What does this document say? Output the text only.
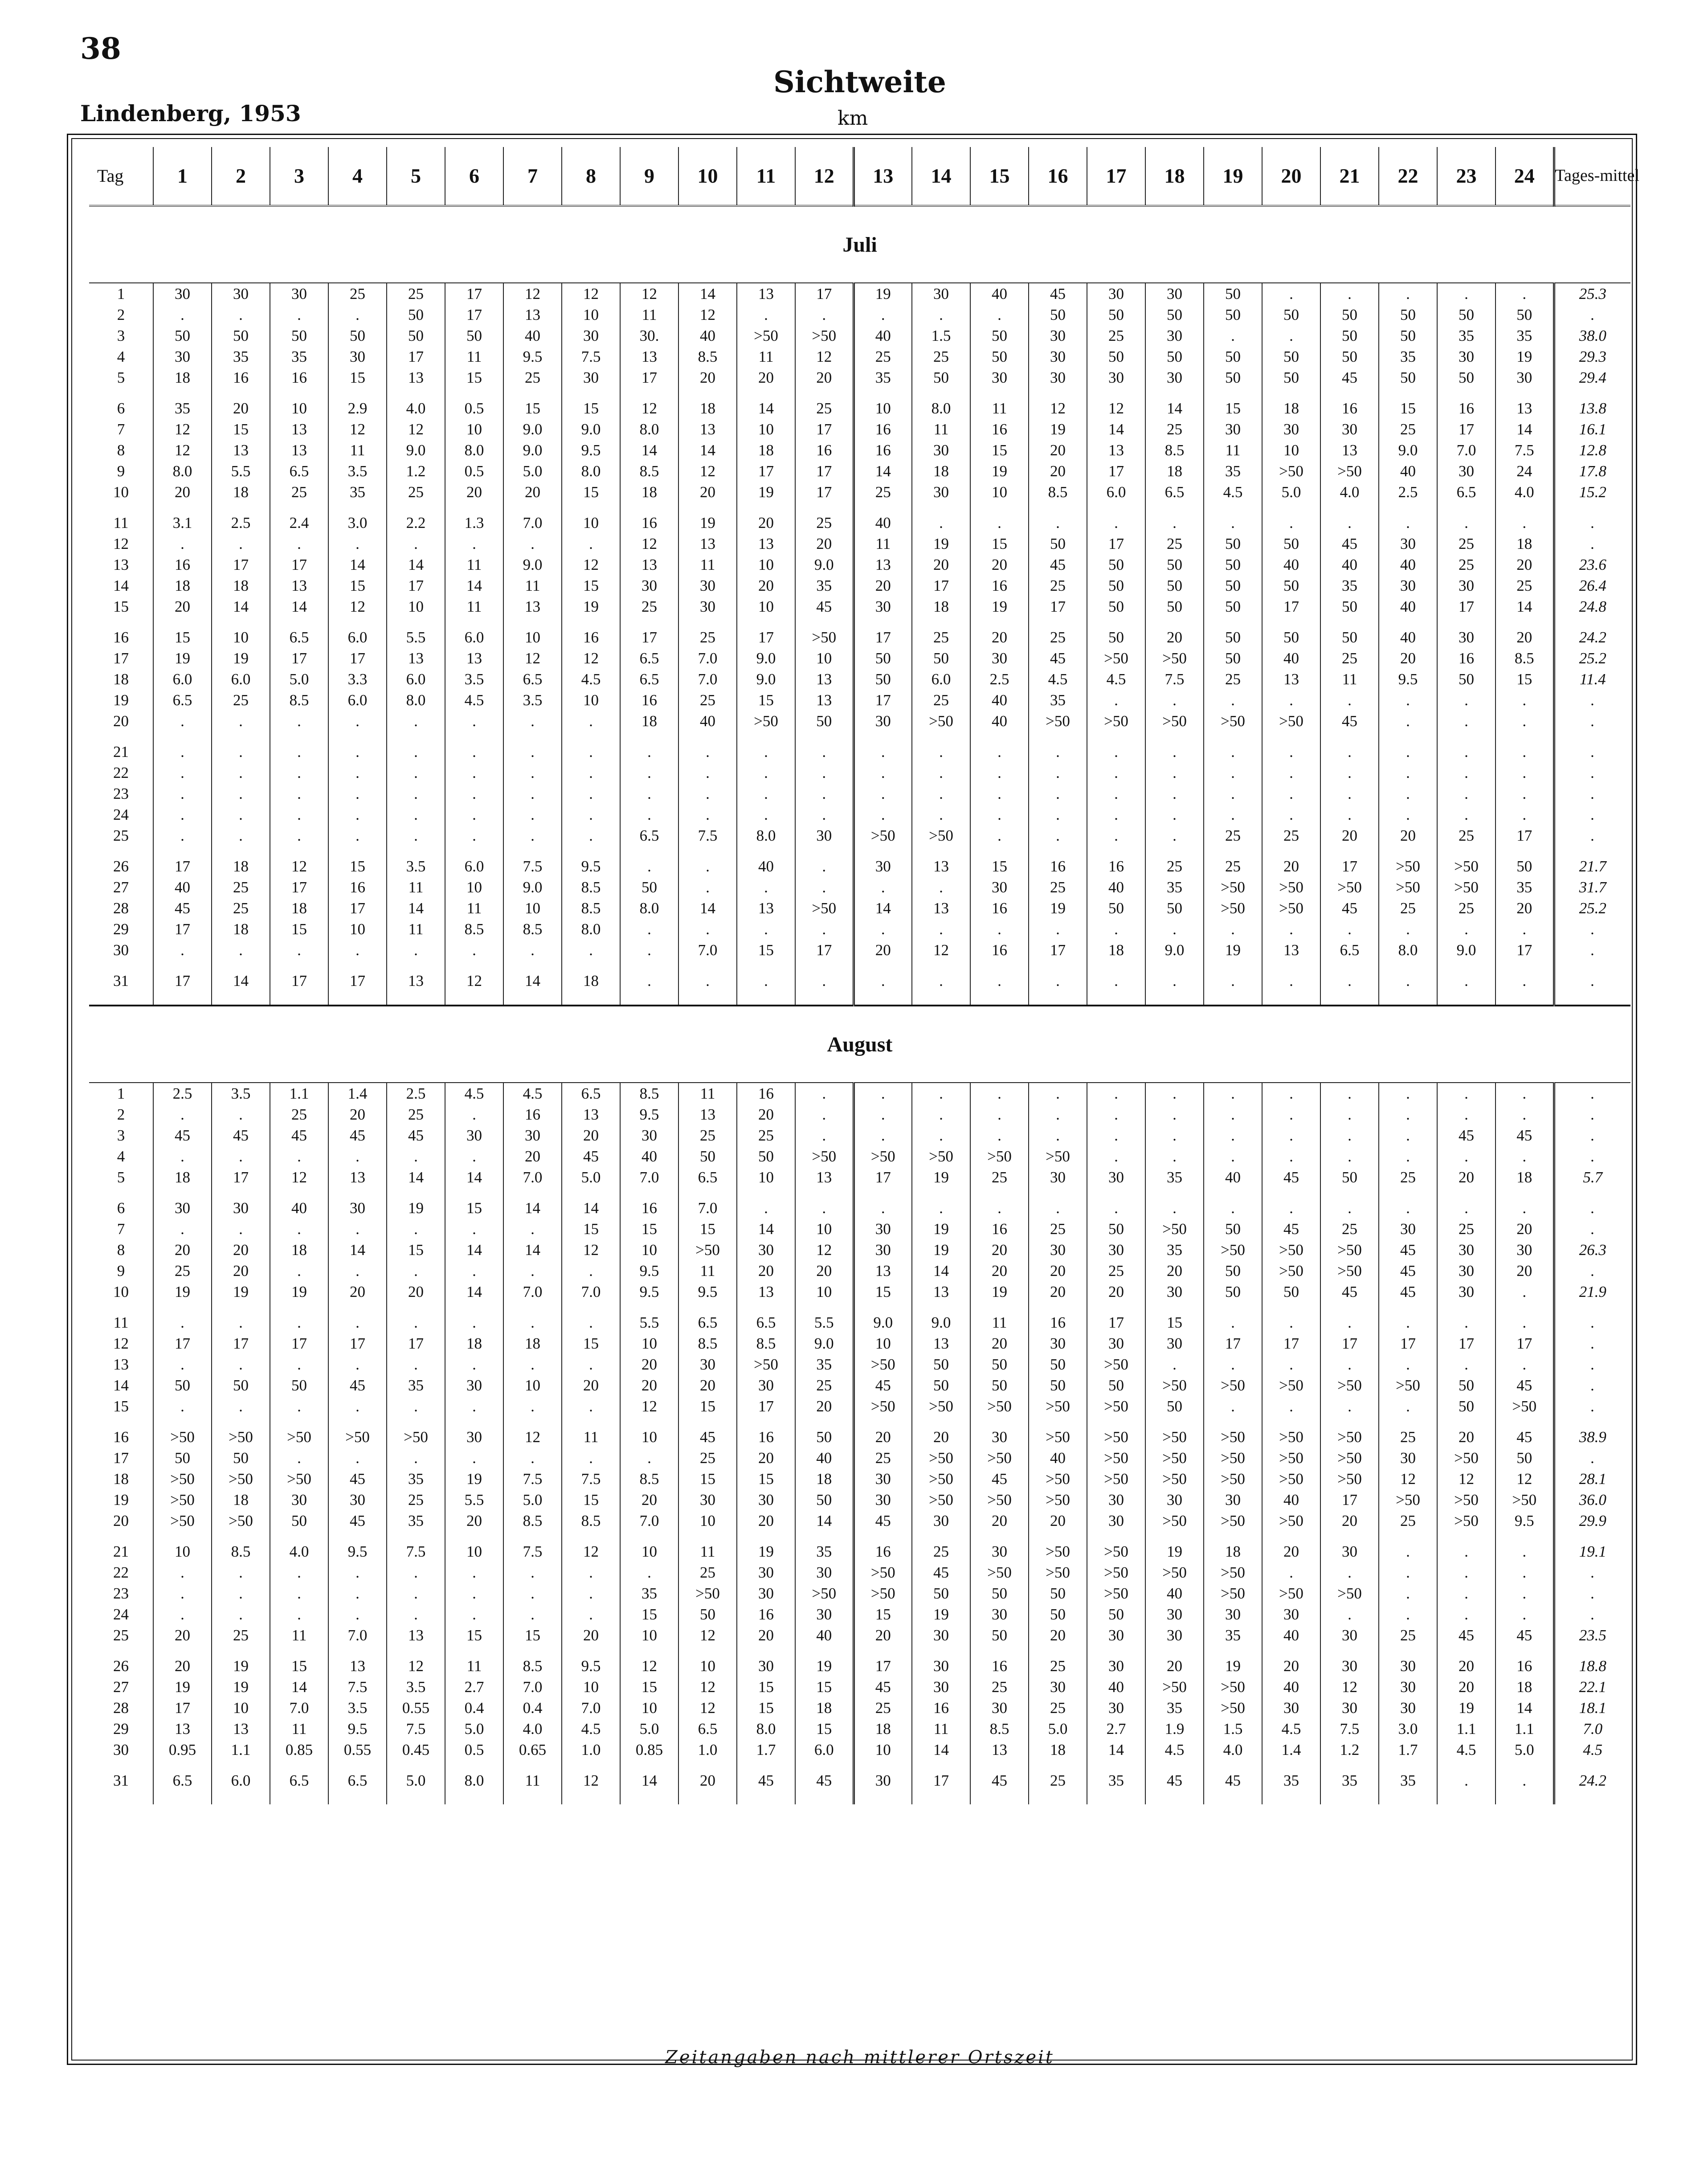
38
Sichtweite
Lindenberg, 1953	km
Tag	1	2	3	4	5	6	7	8	9	10	11	12	13	14	15	16	17	18	19	20	21	22	23	24	Tages-mittel
Juli																									
1	30	30	30	25	25	17	12	12	12	14	13	17	19	30	40	45	30	30	50	.	.	.	.	.	25.3
2	.	.	.	.	50	17	13	10	11	12	.	.	.	.	.	50	50	50	50	50	50	50	50	50	.
3	50	50	50	50	50	50	40	30	30.	40	>50	>50	40	1.5	50	30	25	30	.	.	50	50	35	35	38.0
4	30	35	35	30	17	11	9.5	7.5	13	8.5	11	12	25	25	50	30	50	50	50	50	50	35	30	19	29.3
5	18	16	16	15	13	15	25	30	17	20	20	20	35	50	30	30	30	30	50	50	45	50	50	30	29.4

6	35	20	10	2.9	4.0	0.5	15	15	12	18	14	25	10	8.0	11	12	12	14	15	18	16	15	16	13	13.8
7	12	15	13	12	12	10	9.0	9.0	8.0	13	10	17	16	11	16	19	14	25	30	30	30	25	17	14	16.1
8	12	13	13	11	9.0	8.0	9.0	9.5	14	14	18	16	16	30	15	20	13	8.5	11	10	13	9.0	7.0	7.5	12.8
9	8.0	5.5	6.5	3.5	1.2	0.5	5.0	8.0	8.5	12	17	17	14	18	19	20	17	18	35	>50	>50	40	30	24	17.8
10	20	18	25	35	25	20	20	15	18	20	19	17	25	30	10	8.5	6.0	6.5	4.5	5.0	4.0	2.5	6.5	4.0	15.2

11	3.1	2.5	2.4	3.0	2.2	1.3	7.0	10	16	19	20	25	40	.	.	.	.	.	.	.	.	.	.	.	.
12	.	.	.	.	.	.	.	.	12	13	13	20	11	19	15	50	17	25	50	50	45	30	25	18	.
13	16	17	17	14	14	11	9.0	12	13	11	10	9.0	13	20	20	45	50	50	50	40	40	40	25	20	23.6
14	18	18	13	15	17	14	11	15	30	30	20	35	20	17	16	25	50	50	50	50	35	30	30	25	26.4
15	20	14	14	12	10	11	13	19	25	30	10	45	30	18	19	17	50	50	50	17	50	40	17	14	24.8

16	15	10	6.5	6.0	5.5	6.0	10	16	17	25	17	>50	17	25	20	25	50	20	50	50	50	40	30	20	24.2
17	19	19	17	17	13	13	12	12	6.5	7.0	9.0	10	50	50	30	45	>50	>50	50	40	25	20	16	8.5	25.2
18	6.0	6.0	5.0	3.3	6.0	3.5	6.5	4.5	6.5	7.0	9.0	13	50	6.0	2.5	4.5	4.5	7.5	25	13	11	9.5	50	15	11.4
19	6.5	25	8.5	6.0	8.0	4.5	3.5	10	16	25	15	13	17	25	40	35	.	.	.	.	.	.	.	.	.
20	.	.	.	.	.	.	.	.	18	40	>50	50	30	>50	40	>50	>50	>50	>50	>50	45	.	.	.	.

21	.	.	.	.	.	.	.	.	.	.	.	.	.	.	.	.	.	.	.	.	.	.	.	.	.
22	.	.	.	.	.	.	.	.	.	.	.	.	.	.	.	.	.	.	.	.	.	.	.	.	.
23	.	.	.	.	.	.	.	.	.	.	.	.	.	.	.	.	.	.	.	.	.	.	.	.	.
24	.	.	.	.	.	.	.	.	.	.	.	.	.	.	.	.	.	.	.	.	.	.	.	.	.
25	.	.	.	.	.	.	.	.	6.5	7.5	8.0	30	>50	>50	.	.	.	.	25	25	20	20	25	17	.

26	17	18	12	15	3.5	6.0	7.5	9.5	.	.	40	.	30	13	15	16	16	25	25	20	17	>50	>50	50	21.7
27	40	25	17	16	11	10	9.0	8.5	50	.	.	.	.	.	30	25	40	35	>50	>50	>50	>50	>50	35	31.7
28	45	25	18	17	14	11	10	8.5	8.0	14	13	>50	14	13	16	19	50	50	>50	>50	45	25	25	20	25.2
29	17	18	15	10	11	8.5	8.5	8.0	.	.	.	.	.	.	.	.	.	.	.	.	.	.	.	.	.
30	.	.	.	.	.	.	.	.	.	7.0	15	17	20	12	16	17	18	9.0	19	13	6.5	8.0	9.0	17	.

31	17	14	17	17	13	12	14	18	.	.	.	.	.	.	.	.	.	.	.	.	.	.	.	.	.

August																									
1	2.5	3.5	1.1	1.4	2.5	4.5	4.5	6.5	8.5	11	16	.	.	.	.	.	.	.	.	.	.	.	.	.	.
2	.	.	25	20	25	.	16	13	9.5	13	20	.	.	.	.	.	.	.	.	.	.	.	.	.	.
3	45	45	45	45	45	30	30	20	30	25	25	.	.	.	.	.	.	.	.	.	.	.	45	45	.
4	.	.	.	.	.	.	20	45	40	50	50	>50	>50	>50	>50	>50	.	.	.	.	.	.	.	.	.
5	18	17	12	13	14	14	7.0	5.0	7.0	6.5	10	13	17	19	25	30	30	35	40	45	50	25	20	18	5.7

6	30	30	40	30	19	15	14	14	16	7.0	.	.	.	.	.	.	.	.	.	.	.	.	.	.	.
7	.	.	.	.	.	.	.	15	15	15	14	10	30	19	16	25	50	>50	50	45	25	30	25	20	.
8	20	20	18	14	15	14	14	12	10	>50	30	12	30	19	20	30	30	35	>50	>50	>50	45	30	30	26.3
9	25	20	.	.	.	.	.	.	9.5	11	20	20	13	14	20	20	25	20	50	>50	>50	45	30	20	.
10	19	19	19	20	20	14	7.0	7.0	9.5	9.5	13	10	15	13	19	20	20	30	50	50	45	45	30	.	21.9

11	.	.	.	.	.	.	.	.	5.5	6.5	6.5	5.5	9.0	9.0	11	16	17	15	.	.	.	.	.	.	.
12	17	17	17	17	17	18	18	15	10	8.5	8.5	9.0	10	13	20	30	30	30	17	17	17	17	17	17	.
13	.	.	.	.	.	.	.	.	20	30	>50	35	>50	50	50	50	>50	.	.	.	.	.	.	.	.
14	50	50	50	45	35	30	10	20	20	20	30	25	45	50	50	50	50	>50	>50	>50	>50	>50	50	45	.
15	.	.	.	.	.	.	.	.	12	15	17	20	>50	>50	>50	>50	>50	50	.	.	.	.	50	>50	.

16	>50	>50	>50	>50	>50	30	12	11	10	45	16	50	20	20	30	>50	>50	>50	>50	>50	>50	25	20	45	38.9
17	50	50	.	.	.	.	.	.	.	25	20	40	25	>50	>50	40	>50	>50	>50	>50	>50	30	>50	50	.
18	>50	>50	>50	45	35	19	7.5	7.5	8.5	15	15	18	30	>50	45	>50	>50	>50	>50	>50	>50	12	12	12	28.1
19	>50	18	30	30	25	5.5	5.0	15	20	30	30	50	30	>50	>50	>50	30	30	30	40	17	>50	>50	>50	36.0
20	>50	>50	50	45	35	20	8.5	8.5	7.0	10	20	14	45	30	20	20	30	>50	>50	>50	20	25	>50	9.5	29.9

21	10	8.5	4.0	9.5	7.5	10	7.5	12	10	11	19	35	16	25	30	>50	>50	19	18	20	30	.	.	.	19.1
22	.	.	.	.	.	.	.	.	.	25	30	30	>50	45	>50	>50	>50	>50	>50	.	.	.	.	.	.
23	.	.	.	.	.	.	.	.	35	>50	30	>50	>50	50	50	50	>50	40	>50	>50	>50	.	.	.	.
24	.	.	.	.	.	.	.	.	15	50	16	30	15	19	30	50	50	30	30	30	.	.	.	.	.
25	20	25	11	7.0	13	15	15	20	10	12	20	40	20	30	50	20	30	30	35	40	30	25	45	45	23.5

26	20	19	15	13	12	11	8.5	9.5	12	10	30	19	17	30	16	25	30	20	19	20	30	30	20	16	18.8
27	19	19	14	7.5	3.5	2.7	7.0	10	15	12	15	15	45	30	25	30	40	>50	>50	40	12	30	20	18	22.1
28	17	10	7.0	3.5	0.55	0.4	0.4	7.0	10	12	15	18	25	16	30	25	30	35	>50	30	30	30	19	14	18.1
29	13	13	11	9.5	7.5	5.0	4.0	4.5	5.0	6.5	8.0	15	18	11	8.5	5.0	2.7	1.9	1.5	4.5	7.5	3.0	1.1	1.1	7.0
30	0.95	1.1	0.85	0.55	0.45	0.5	0.65	1.0	0.85	1.0	1.7	6.0	10	14	13	18	14	4.5	4.0	1.4	1.2	1.7	4.5	5.0	4.5

31	6.5	6.0	6.5	6.5	5.0	8.0	11	12	14	20	45	45	30	17	45	25	35	45	45	35	35	35	.	.	24.2

Zeitangaben nach mittlerer Ortszeit
